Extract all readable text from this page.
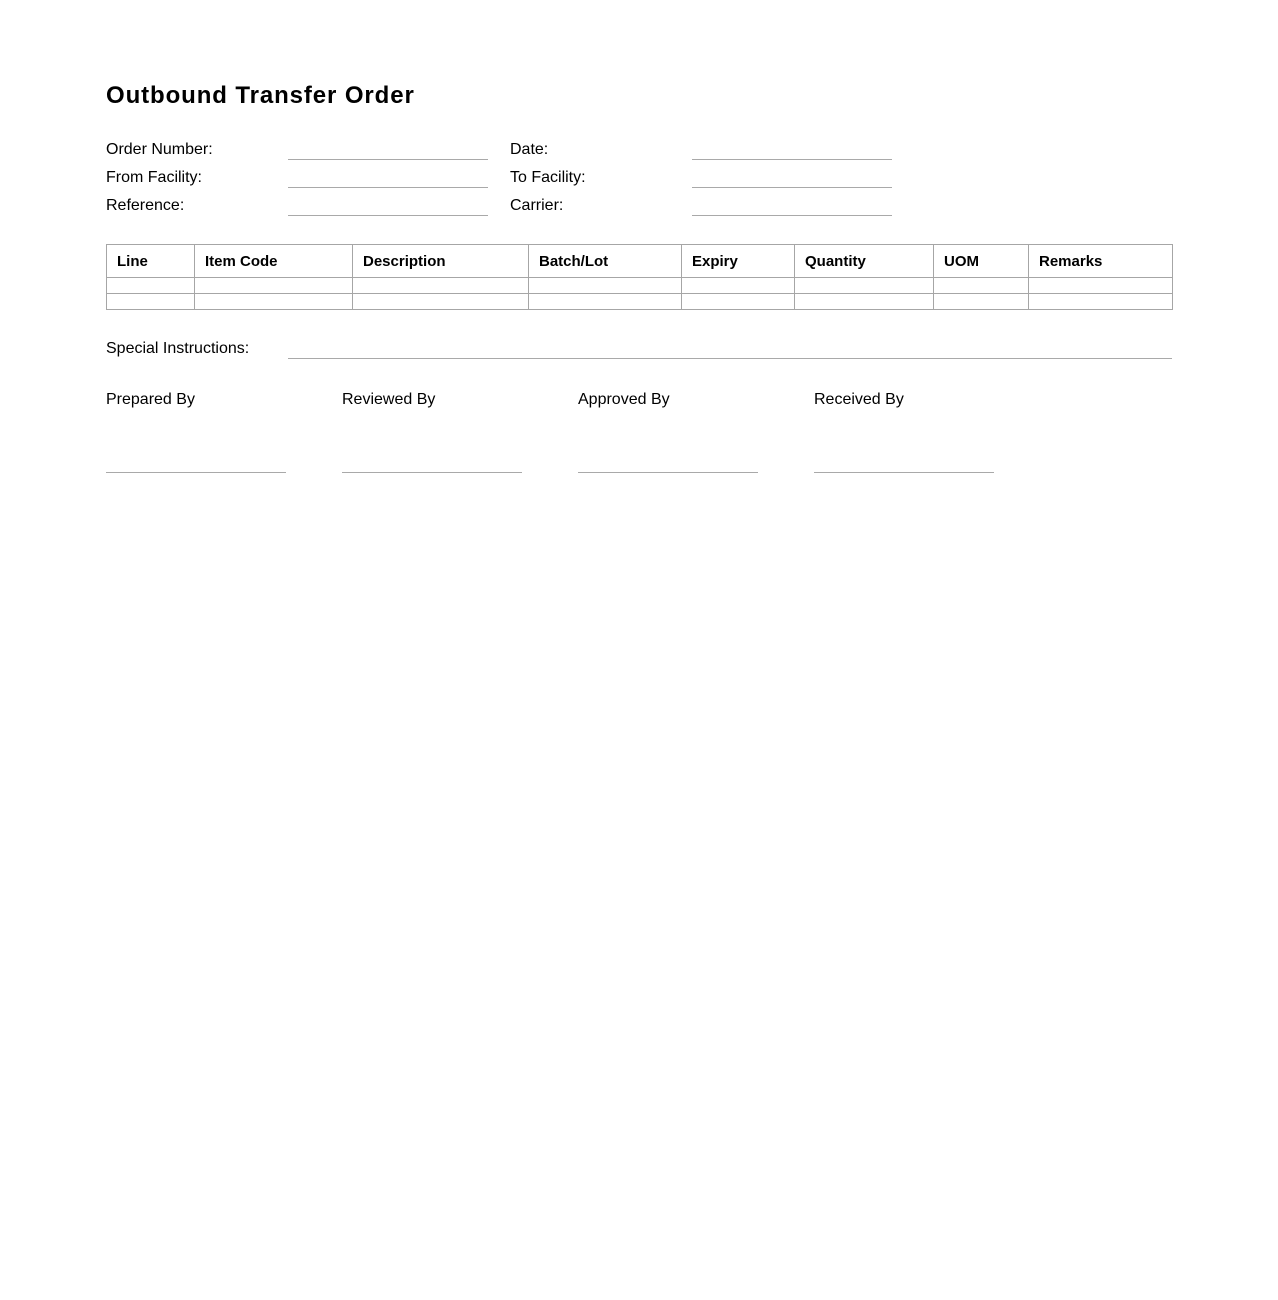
Outbound Transfer Order
Order Number:	Date:
From Facility:	To Facility:
Reference:	Carrier:
Line	Item Code	Description	Batch/Lot	Expiry	Quantity	UOM	Remarks

Special Instructions:
Prepared By	Reviewed By	Approved By	Received By
